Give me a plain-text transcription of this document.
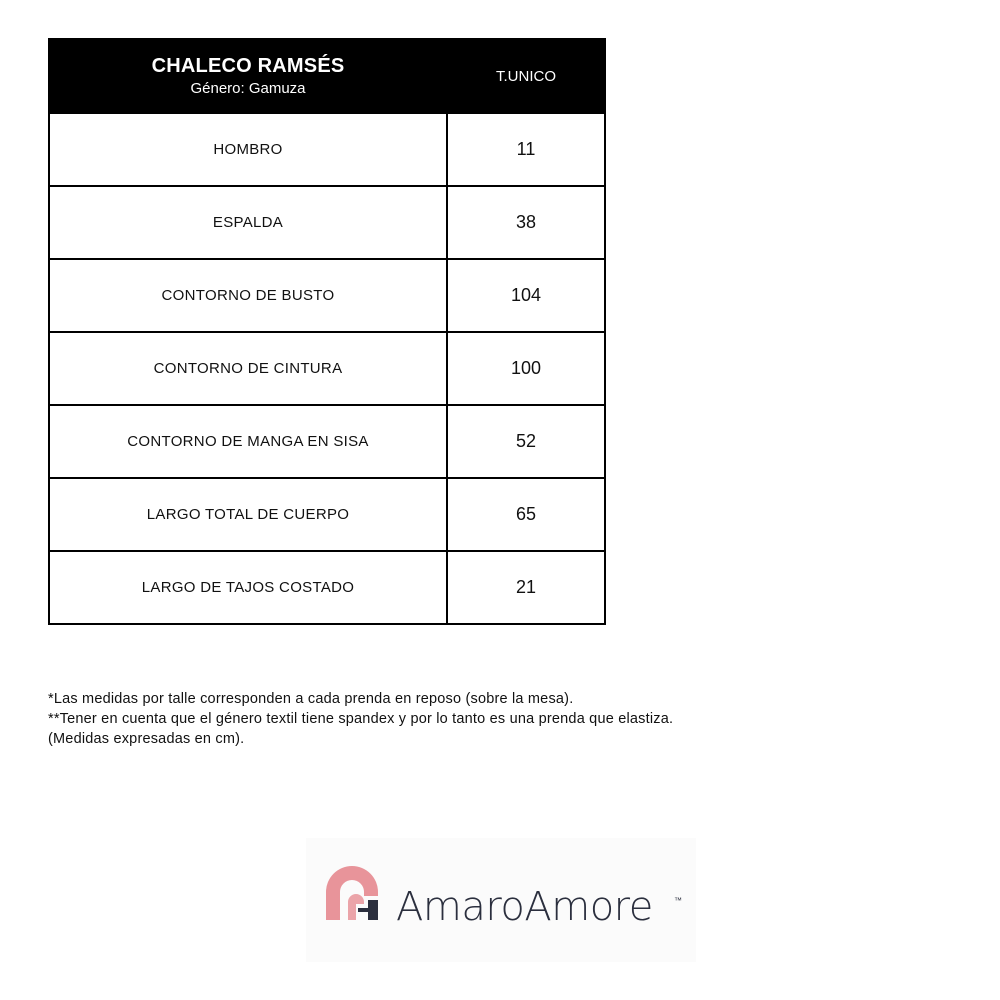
CHALECO RAMSÉS
Género: Gamuza	T.UNICO
HOMBRO	11
ESPALDA	38
CONTORNO DE BUSTO	104
CONTORNO DE CINTURA	100
CONTORNO DE MANGA EN SISA	52
LARGO TOTAL DE CUERPO	65
LARGO DE TAJOS COSTADO	21
*Las medidas por talle corresponden a cada prenda en reposo (sobre la mesa).
**Tener en cuenta que el género textil tiene spandex y por lo tanto es una prenda que elastiza.
(Medidas expresadas en cm).
AmaroAmore	™
